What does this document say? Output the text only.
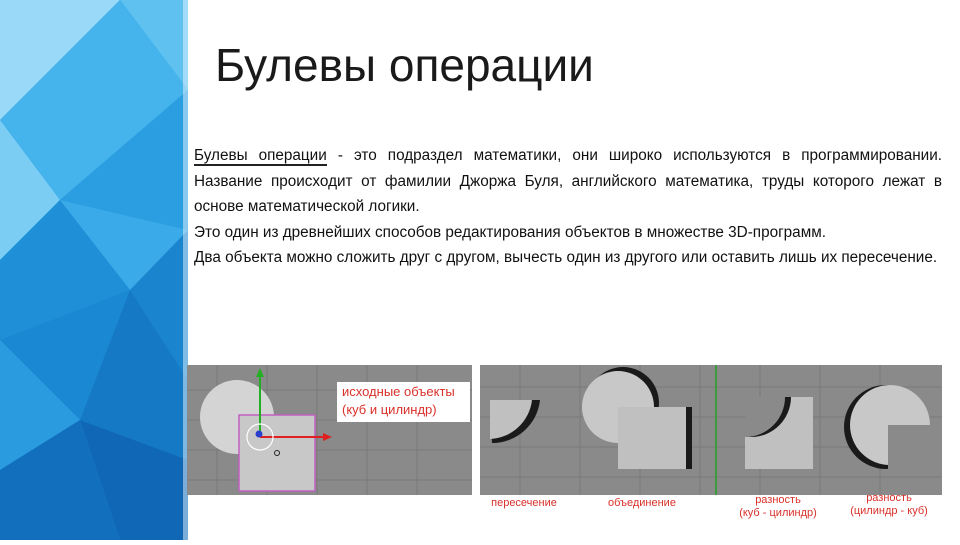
Булевы операции

Булевы операции - это подраздел математики, они широко используются в программировании. Название происходит от фамилии Джоржа Буля, английского математика, труды которого лежат в основе математической логики.

Это один из древнейших способов редактирования объектов в множестве 3D-программ.

Два объекта можно сложить друг с другом, вычесть один из другого или оставить лишь их пересечение.

исходные объекты
(куб и цилиндр)
пересечение	объединение	разность
(куб - цилиндр)
разность
(цилиндр - куб)
